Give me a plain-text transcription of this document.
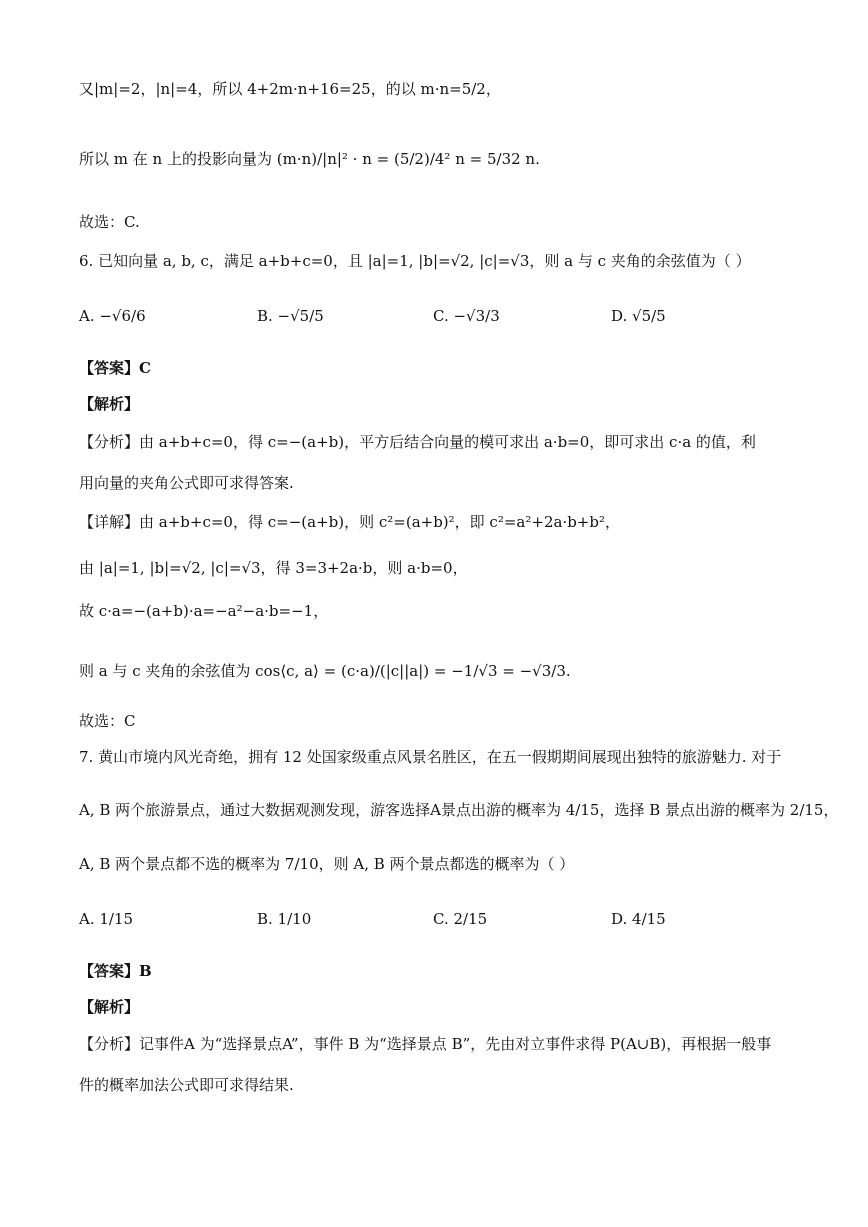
又|m|=2，|n|=4，所以 4+2m·n+16=25，的以 m·n=5/2，
所以 m 在 n 上的投影向量为 (m·n)/|n|² · n = (5/2)/4² n = 5/32 n.
故选：C.
6. 已知向量 a, b, c，满足 a+b+c=0，且 |a|=1, |b|=√2, |c|=√3，则 a 与 c 夹角的余弦值为（ ）
A. −√6/6	B. −√5/5	C. −√3/3	D. √5/5
【答案】C
【解析】
【分析】由 a+b+c=0，得 c=−(a+b)，平方后结合向量的模可求出 a·b=0，即可求出 c·a 的值，利
用向量的夹角公式即可求得答案.
【详解】由 a+b+c=0，得 c=−(a+b)，则 c²=(a+b)²，即 c²=a²+2a·b+b²，
由 |a|=1, |b|=√2, |c|=√3，得 3=3+2a·b，则 a·b=0，
故 c·a=−(a+b)·a=−a²−a·b=−1，
则 a 与 c 夹角的余弦值为 cos⟨c, a⟩ = (c·a)/(|c||a|) = −1/√3 = −√3/3.
故选：C
7. 黄山市境内风光奇绝，拥有 12 处国家级重点风景名胜区，在五一假期期间展现出独特的旅游魅力. 对于
A, B 两个旅游景点，通过大数据观测发现，游客选择A景点出游的概率为 4/15，选择 B 景点出游的概率为 2/15，
A, B 两个景点都不选的概率为 7/10，则 A, B 两个景点都选的概率为（ ）
A. 1/15	B. 1/10	C. 2/15	D. 4/15
【答案】B
【解析】
【分析】记事件A 为“选择景点A”，事件 B 为“选择景点 B”，先由对立事件求得 P(A∪B)，再根据一般事
件的概率加法公式即可求得结果.
